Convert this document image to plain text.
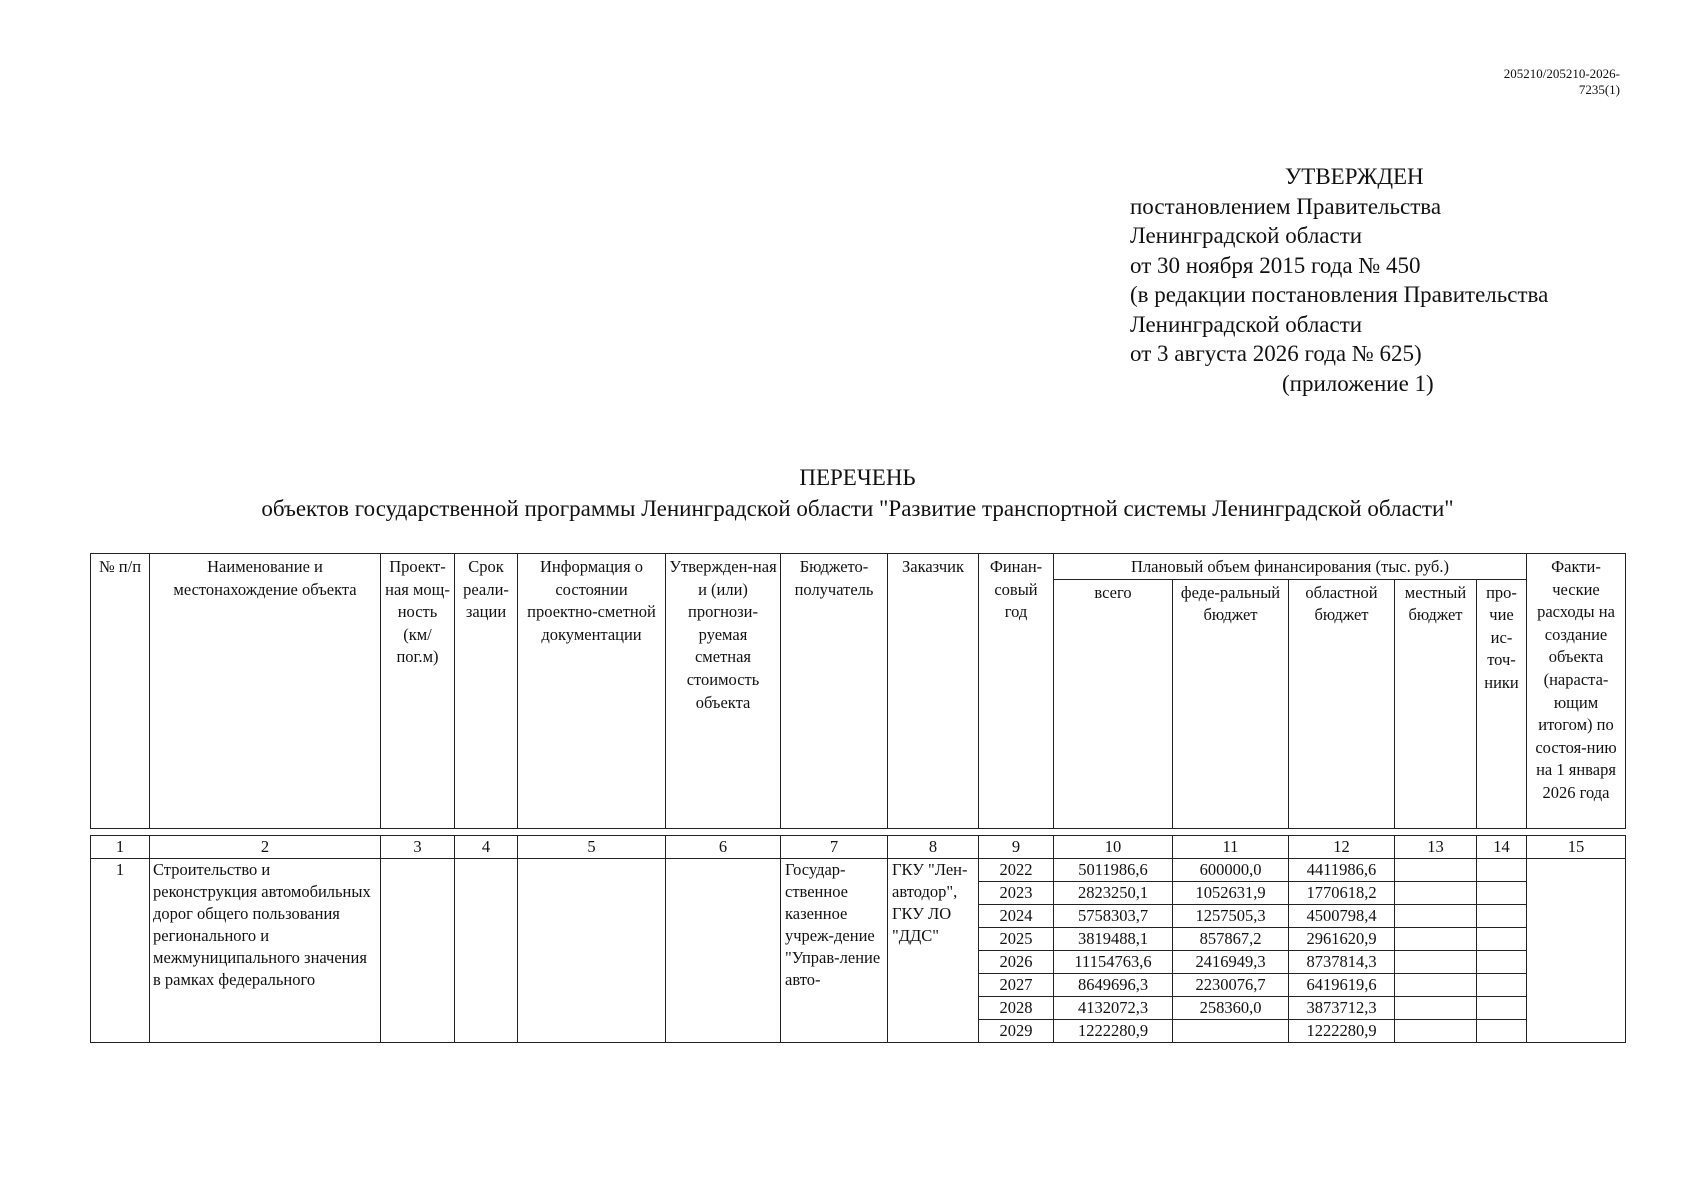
205210/205210-2026-7235(1)
УТВЕРЖДЕН
постановлением Правительства
Ленинградской области
от 30 ноября 2015 года № 450
(в редакции постановления Правительства
Ленинградской области
от 3 августа 2026 года № 625)
(приложение 1)
ПЕРЕЧЕНЬ
объектов государственной программы Ленинградской области "Развитие транспортной системы Ленинградской области"
№ п/п	Наименование и местонахождение объекта	Проект-ная мощ-ность (км/ пог.м)	Срок реали-зации	Информация о состоянии проектно-сметной документации	Утвержден-ная и (или) прогнози-руемая сметная стоимость объекта	Бюджето-получатель	Заказчик	Финан-совый год	Плановый объем финансирования (тыс. руб.)					Факти-ческие расходы на создание объекта (нараста-ющим итогом) по состоя-нию на 1 января 2026 года
									всего	феде-ральный бюджет	областной бюджет	местный бюджет	про-чие ис-точ-ники	

1	2	3	4	5	6	7	8	9	10	11	12	13	14	15
1	Строительство и реконструкция автомобильных дорог общего пользования регионального и межмуниципального значения в рамках федерального					Государ-ственное казенное учреж-дение "Управ-ление авто-	ГКУ "Лен-автодор", ГКУ ЛО "ДДС"	2022	5011986,6	600000,0	4411986,6			
								2023	2823250,1	1052631,9	1770618,2			
								2024	5758303,7	1257505,3	4500798,4			
								2025	3819488,1	857867,2	2961620,9			
								2026	11154763,6	2416949,3	8737814,3			
								2027	8649696,3	2230076,7	6419619,6			
								2028	4132072,3	258360,0	3873712,3			
								2029	1222280,9		1222280,9			
